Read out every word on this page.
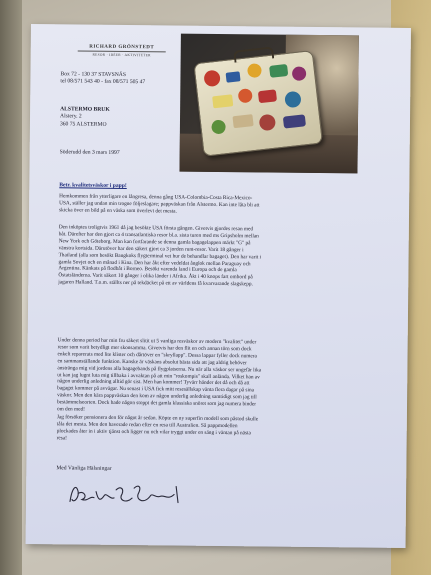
RICHARD GRÖNSTEDT
RESOR · IDÉER · AKTIVITETER
Box 72 - 130 37 STAVSNÄS
tel 08/571 543 40 - fax 08/571 505 47
ALSTERMO BRUK
Alstery. 2
360 75 ALSTERMO
Söderudd den 3 mars 1997
Betr. kvalitetsväskor i papp!
Hemkommen från ytterligare en långresa, denna gång USA-Colombia-Costa Rica-Mexico-
USA, ställer jag undan min trogne följeslagare; pappväskan från Alstermo. Kan inte låta bli att
skicka över en bild på en väska som överlevt det mesta.
Den inköptes troligtvis 1961 då jag besökte USA första gången. Givetvis gjordes resan med
båt. Därefter har den gjort ca 4 transatlantiska resor bl.a. sista turen med ms Gripsholm mellan
New York och Göteborg. Man kan fortfarande se denna gamla bagagelappen märkt "G" på
vänstra kortsida. Därutöver har den säkert gjort ca 3 jorden runt-resor. Varit 18 gånger i
Thailand (alla som besökt Bangkoks flygterminal vet hur de behandlar bagaget). Den har varit i
gamla Sovjet och en månad i Kina. Den har åkt efter vedeldat ånglok mellan Paraguay och
Argentina. Känkats på flodbåt i Borneo. Besökt varenda land i Europa och de gamla
Östatsländerna. Varit säkert 10 gånger i olika länder i Afrika. Åkt i 40 knops fart ombord på
jagaren Halland. T.o.m. ställts ner på tekdäcket på ett av världens få kvarvarande slagskepp.
Under denna period har min fru säkert slitit ut 5 vanliga resväskor av modern "kvalitet" under
resor som varit betydligt mer skonsamma. Givetvis har den flit en och annan törn som dock
enkelt reparerats med lite klister och dårtöver en "skryllapp". Dessa lappar fyller dock numera
en sammanställande funktion. Kanske är väskans absolut bästa sida att jag aldrig behöver
anstränga mig vid jordens alla bagagebands på flygplatserna. Nu när alla väskor ser ungefär lika
ut kan jag lugnt luta mig tillbaka i avvaktan på att min "roskompis" skall anlända. Vilket han av
någon underlig anledning alltid gör sist. Men han kommer! Tyvärr händer det då och då att
bagaget kommer på avvägar. Nu senast i USA fick mitt resesällskap vänta flera dagar på sina
väskor. Men den kära pappväskan den kom av någon underlig anledning samtidigt som jag till
bestämmelseorten. Dock hade någon stoppt det gamla klassiska snöret som jag numera binder
om den med!
Jag försöker pensionera den för något år sedan. Köpte en ny superfin modell som påstod skulle
tåla det mesta. Men den haverade redan efter en resa till Australien. Så pappmodellen
plockades åter in i aktiv tjänst och ligger nu och vilar tryggt under en säng i väntan på nästa
resa!
Med Vänliga Hälsningar
